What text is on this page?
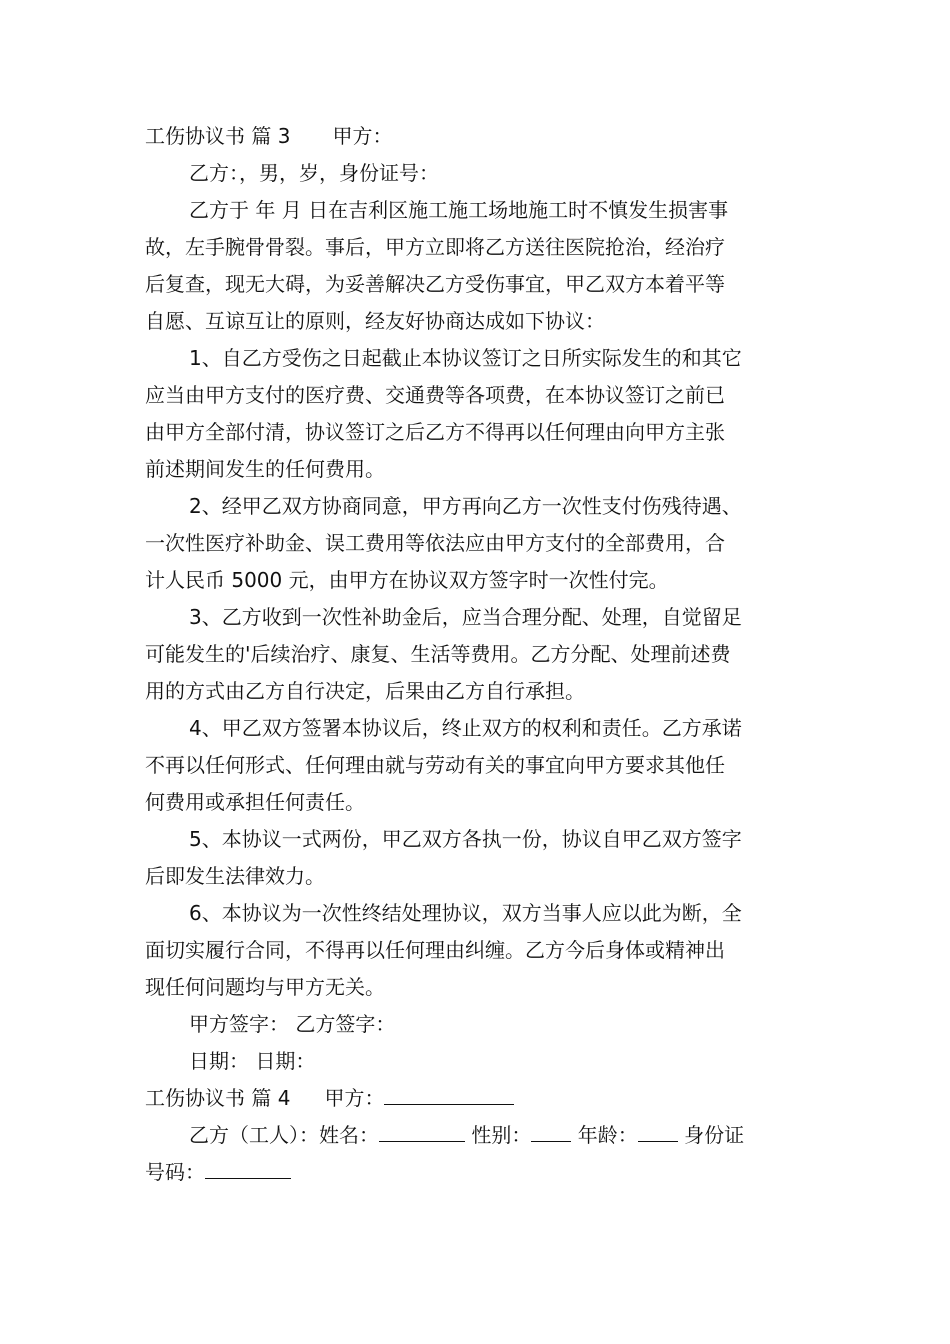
工伤协议书 篇 3 甲方：
乙方：，男，岁，身份证号：
乙方于 年 月 日在吉利区施工施工场地施工时不慎发生损害事
故，左手腕骨骨裂。事后，甲方立即将乙方送往医院抢治，经治疗
后复查，现无大碍，为妥善解决乙方受伤事宜，甲乙双方本着平等
自愿、互谅互让的原则，经友好协商达成如下协议：
1、自乙方受伤之日起截止本协议签订之日所实际发生的和其它
应当由甲方支付的医疗费、交通费等各项费，在本协议签订之前已
由甲方全部付清，协议签订之后乙方不得再以任何理由向甲方主张
前述期间发生的任何费用。
2、经甲乙双方协商同意，甲方再向乙方一次性支付伤残待遇、
一次性医疗补助金、误工费用等依法应由甲方支付的全部费用，合
计人民币 5000 元，由甲方在协议双方签字时一次性付完。
3、乙方收到一次性补助金后，应当合理分配、处理，自觉留足
可能发生的'后续治疗、康复、生活等费用。乙方分配、处理前述费
用的方式由乙方自行决定，后果由乙方自行承担。
4、甲乙双方签署本协议后，终止双方的权利和责任。乙方承诺
不再以任何形式、任何理由就与劳动有关的事宜向甲方要求其他任
何费用或承担任何责任。
5、本协议一式两份，甲乙双方各执一份，协议自甲乙双方签字
后即发生法律效力。
6、本协议为一次性终结处理协议，双方当事人应以此为断，全
面切实履行合同，不得再以任何理由纠缠。乙方今后身体或精神出
现任何问题均与甲方无关。
甲方签字： 乙方签字：
日期： 日期：
工伤协议书 篇 4 甲方：
乙方（工人）：姓名：	性别： 年龄： 身份证
号码：
